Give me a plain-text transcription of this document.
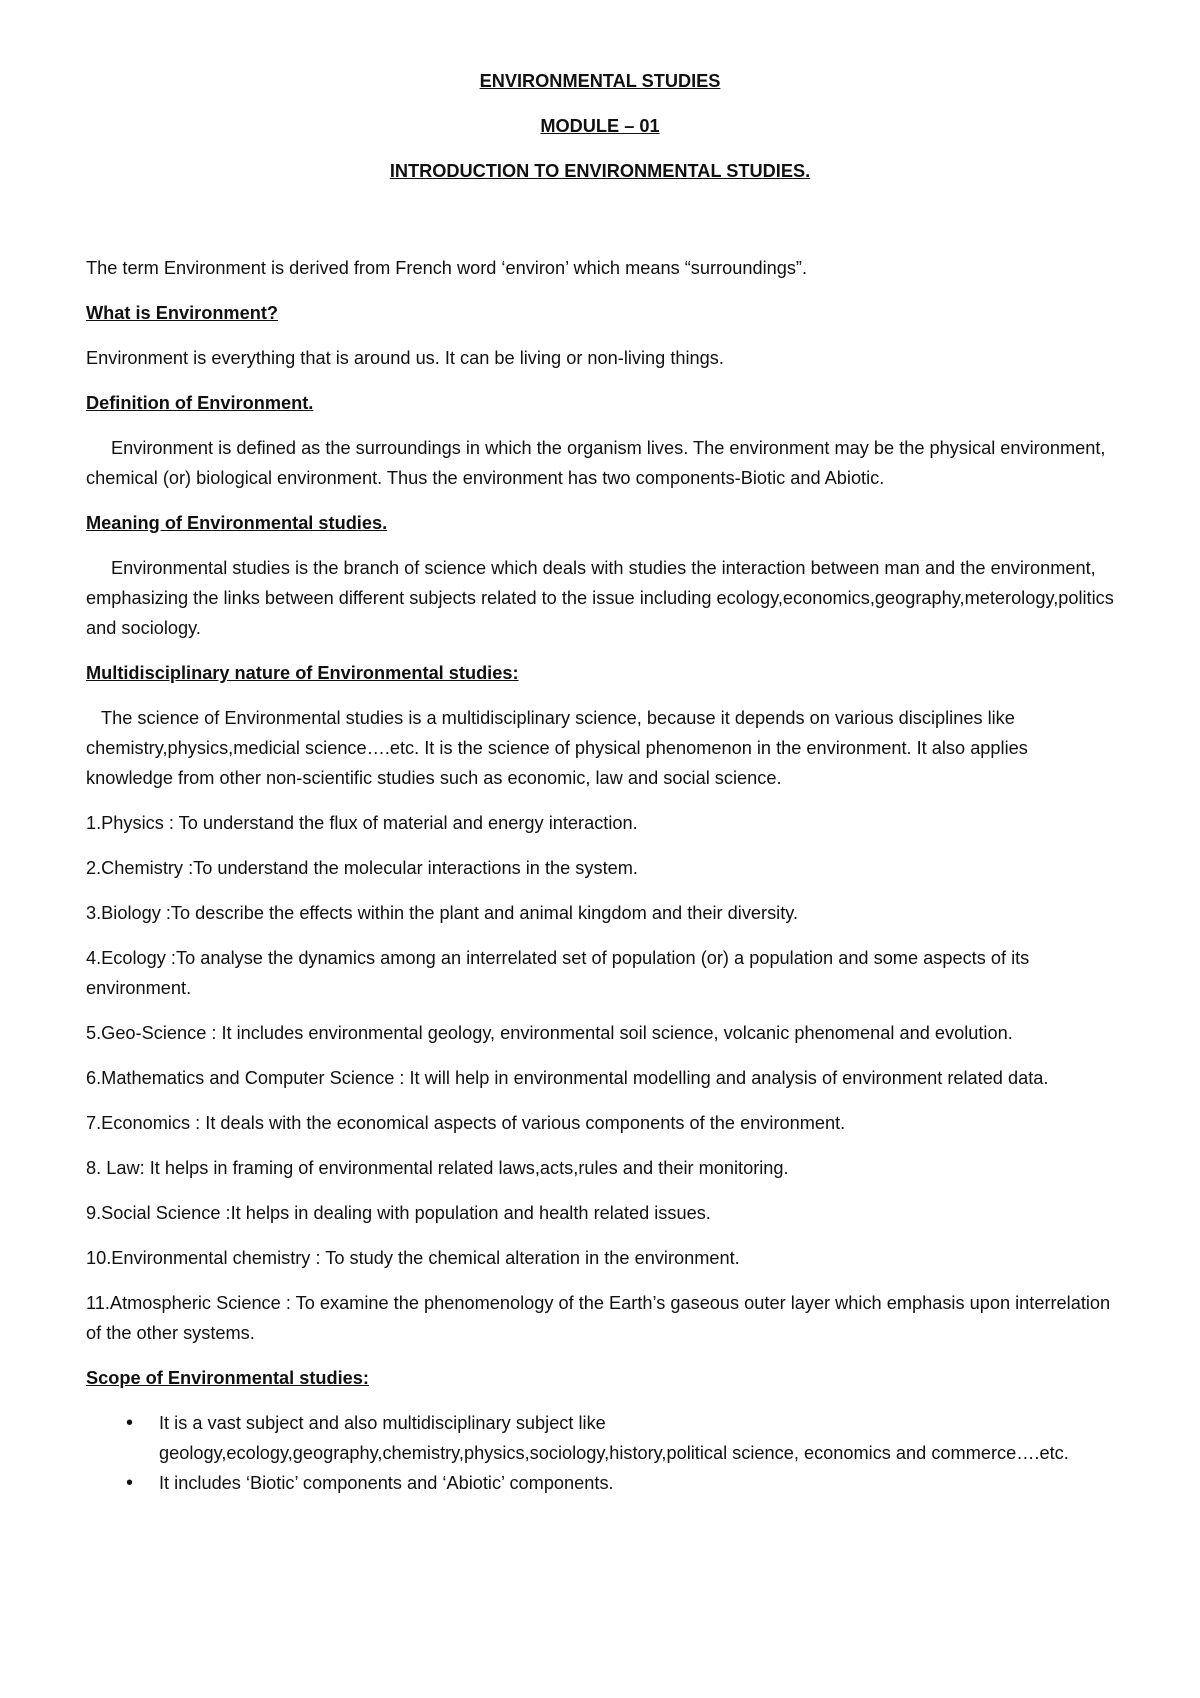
ENVIRONMENTAL STUDIES
MODULE – 01
INTRODUCTION TO ENVIRONMENTAL STUDIES.

The term Environment is derived from French word ‘environ’ which means “surroundings”.

What is Environment?

Environment is everything that is around us. It can be living or non-living things.

Definition of Environment.

Environment is defined as the surroundings in which the organism lives. The environment may be the physical environment, chemical (or) biological environment. Thus the environment has two components-Biotic and Abiotic.

Meaning of Environmental studies.

Environmental studies is the branch of science which deals with studies the interaction between man and the environment, emphasizing the links between different subjects related to the issue including ecology,economics,geography,meterology,politics and sociology.

Multidisciplinary nature of Environmental studies:

The science of Environmental studies is a multidisciplinary science, because it depends on various disciplines like chemistry,physics,medicial science….etc. It is the science of physical phenomenon in the environment. It also applies knowledge from other non-scientific studies such as economic, law and social science.

1.Physics : To understand the flux of material and energy interaction.

2.Chemistry :To understand the molecular interactions in the system.

3.Biology :To describe the effects within the plant and animal kingdom and their diversity.

4.Ecology :To analyse the dynamics among an interrelated set of population (or) a population and some aspects of its environment.

5.Geo-Science : It includes environmental geology, environmental soil science, volcanic phenomenal and evolution.

6.Mathematics and Computer Science : It will help in environmental modelling and analysis of environment related data.

7.Economics : It deals with the economical aspects of various components of the environment.

8. Law: It helps in framing of environmental related laws,acts,rules and their monitoring.

9.Social Science :It helps in dealing with population and health related issues.

10.Environmental chemistry : To study the chemical alteration in the environment.

11.Atmospheric Science : To examine the phenomenology of the Earth’s gaseous outer layer which emphasis upon interrelation of the other systems.

Scope of Environmental studies:
• It is a vast subject and also multidisciplinary subject like geology,ecology,geography,chemistry,physics,sociology,history,political science, economics and commerce….etc.
• It includes ‘Biotic’ components and ‘Abiotic’ components.
